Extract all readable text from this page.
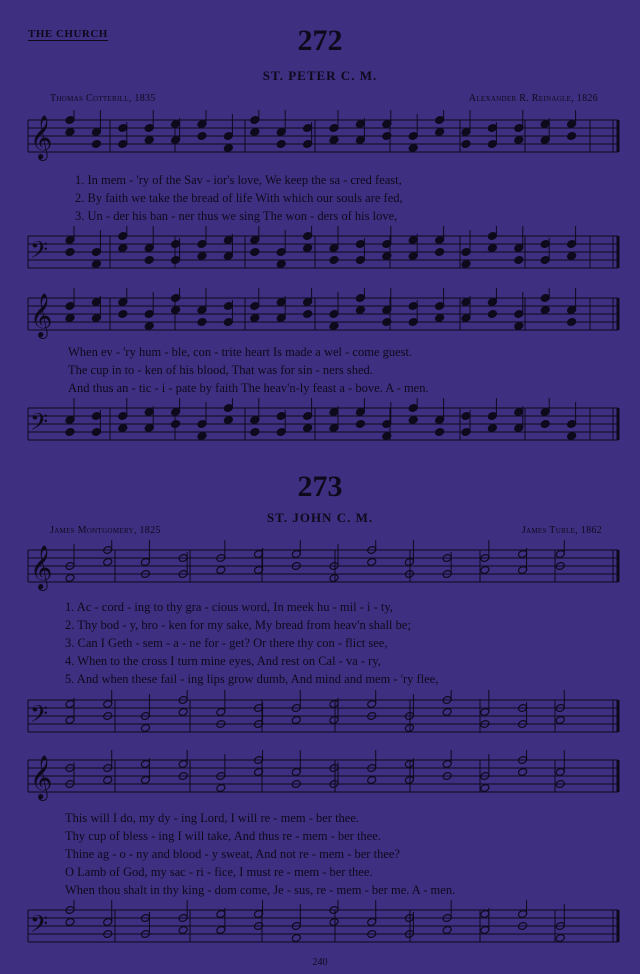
THE CHURCH	272
ST. PETER C. M.
Thomas Cotterill, 1835	Alexander R. Reinagle, 1826
𝄞
1. In mem - 'ry of the Sav - ior's love, We keep the sa - cred feast,
2. By faith we take the bread of life With which our souls are fed,
3. Un - der his ban - ner thus we sing The won - ders of his love,
𝄢
𝄞
When ev - 'ry hum - ble, con - trite heart Is made a wel - come guest.
The cup in to - ken of his blood, That was for sin - ners shed.
And thus an - tic - i - pate by faith The heav'n-ly feast a - bove. A - men.
𝄢
273
ST. JOHN C. M.
James Montgomery, 1825	James Turle, 1862
𝄞
1. Ac - cord - ing to thy gra - cious word, In meek hu - mil - i - ty,
2. Thy bod - y, bro - ken for my sake, My bread from heav'n shall be;
3. Can I Geth - sem - a - ne for - get? Or there thy con - flict see,
4. When to the cross I turn mine eyes, And rest on Cal - va - ry,
5. And when these fail - ing lips grow dumb, And mind and mem - 'ry flee,
𝄢
𝄞
This will I do, my dy - ing Lord, I will re - mem - ber thee.
Thy cup of bless - ing I will take, And thus re - mem - ber thee.
Thine ag - o - ny and blood - y sweat, And not re - mem - ber thee?
O Lamb of God, my sac - ri - fice, I must re - mem - ber thee.
When thou shalt in thy king - dom come, Je - sus, re - mem - ber me. A - men.
𝄢
240
